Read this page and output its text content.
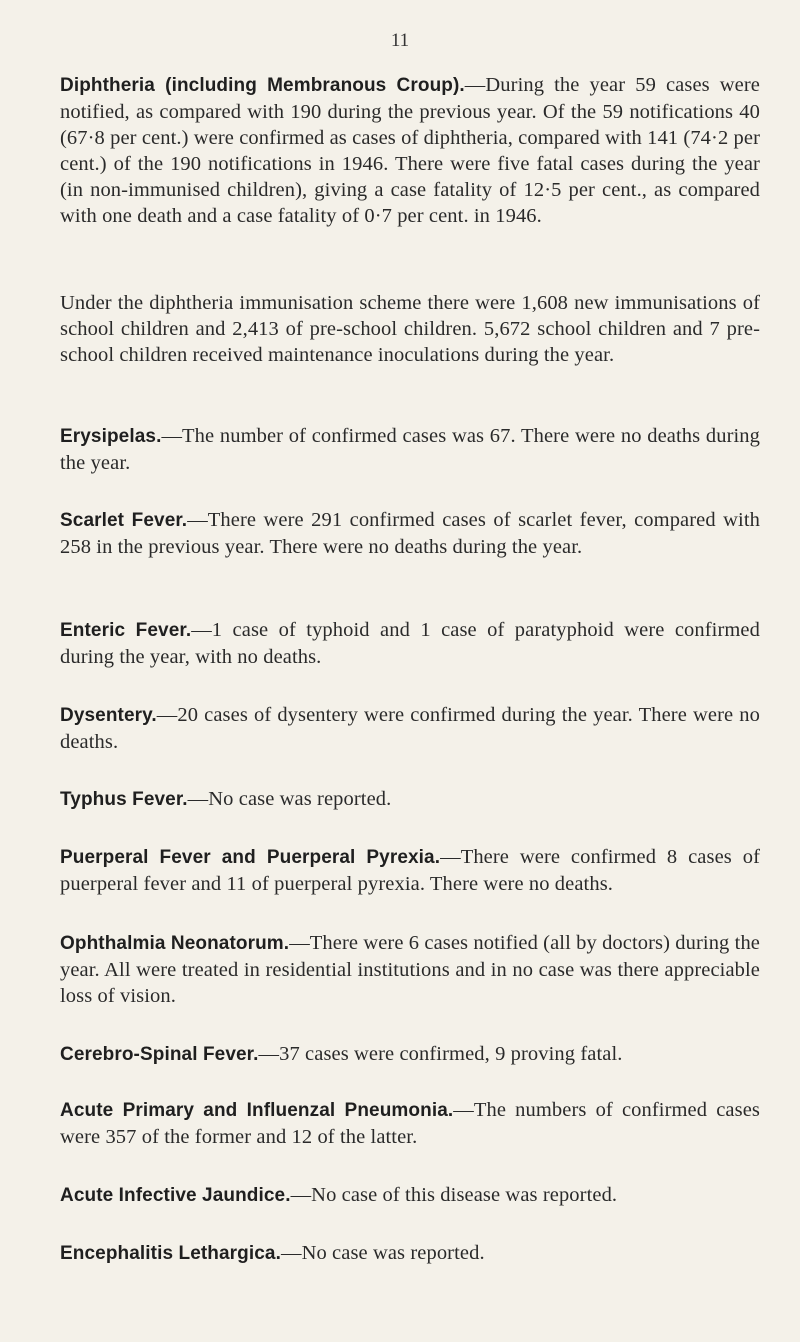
11

Diphtheria (including Membranous Croup).—During the year 59 cases were notified, as compared with 190 during the previous year. Of the 59 notifications 40 (67·8 per cent.) were confirmed as cases of diphtheria, compared with 141 (74·2 per cent.) of the 190 notifications in 1946. There were five fatal cases during the year (in non-immunised children), giving a case fatality of 12·5 per cent., as compared with one death and a case fatality of 0·7 per cent. in 1946.

Under the diphtheria immunisation scheme there were 1,608 new immunisations of school children and 2,413 of pre-school children. 5,672 school children and 7 pre-school children received maintenance inoculations during the year.

Erysipelas.—The number of confirmed cases was 67. There were no deaths during the year.

Scarlet Fever.—There were 291 confirmed cases of scarlet fever, compared with 258 in the previous year. There were no deaths during the year.

Enteric Fever.—1 case of typhoid and 1 case of paratyphoid were confirmed during the year, with no deaths.

Dysentery.—20 cases of dysentery were confirmed during the year. There were no deaths.

Typhus Fever.—No case was reported.

Puerperal Fever and Puerperal Pyrexia.—There were confirmed 8 cases of puerperal fever and 11 of puerperal pyrexia. There were no deaths.

Ophthalmia Neonatorum.—There were 6 cases notified (all by doctors) during the year. All were treated in residential institutions and in no case was there appreciable loss of vision.

Cerebro-Spinal Fever.—37 cases were confirmed, 9 proving fatal.

Acute Primary and Influenzal Pneumonia.—The numbers of confirmed cases were 357 of the former and 12 of the latter.

Acute Infective Jaundice.—No case of this disease was reported.

Encephalitis Lethargica.—No case was reported.
